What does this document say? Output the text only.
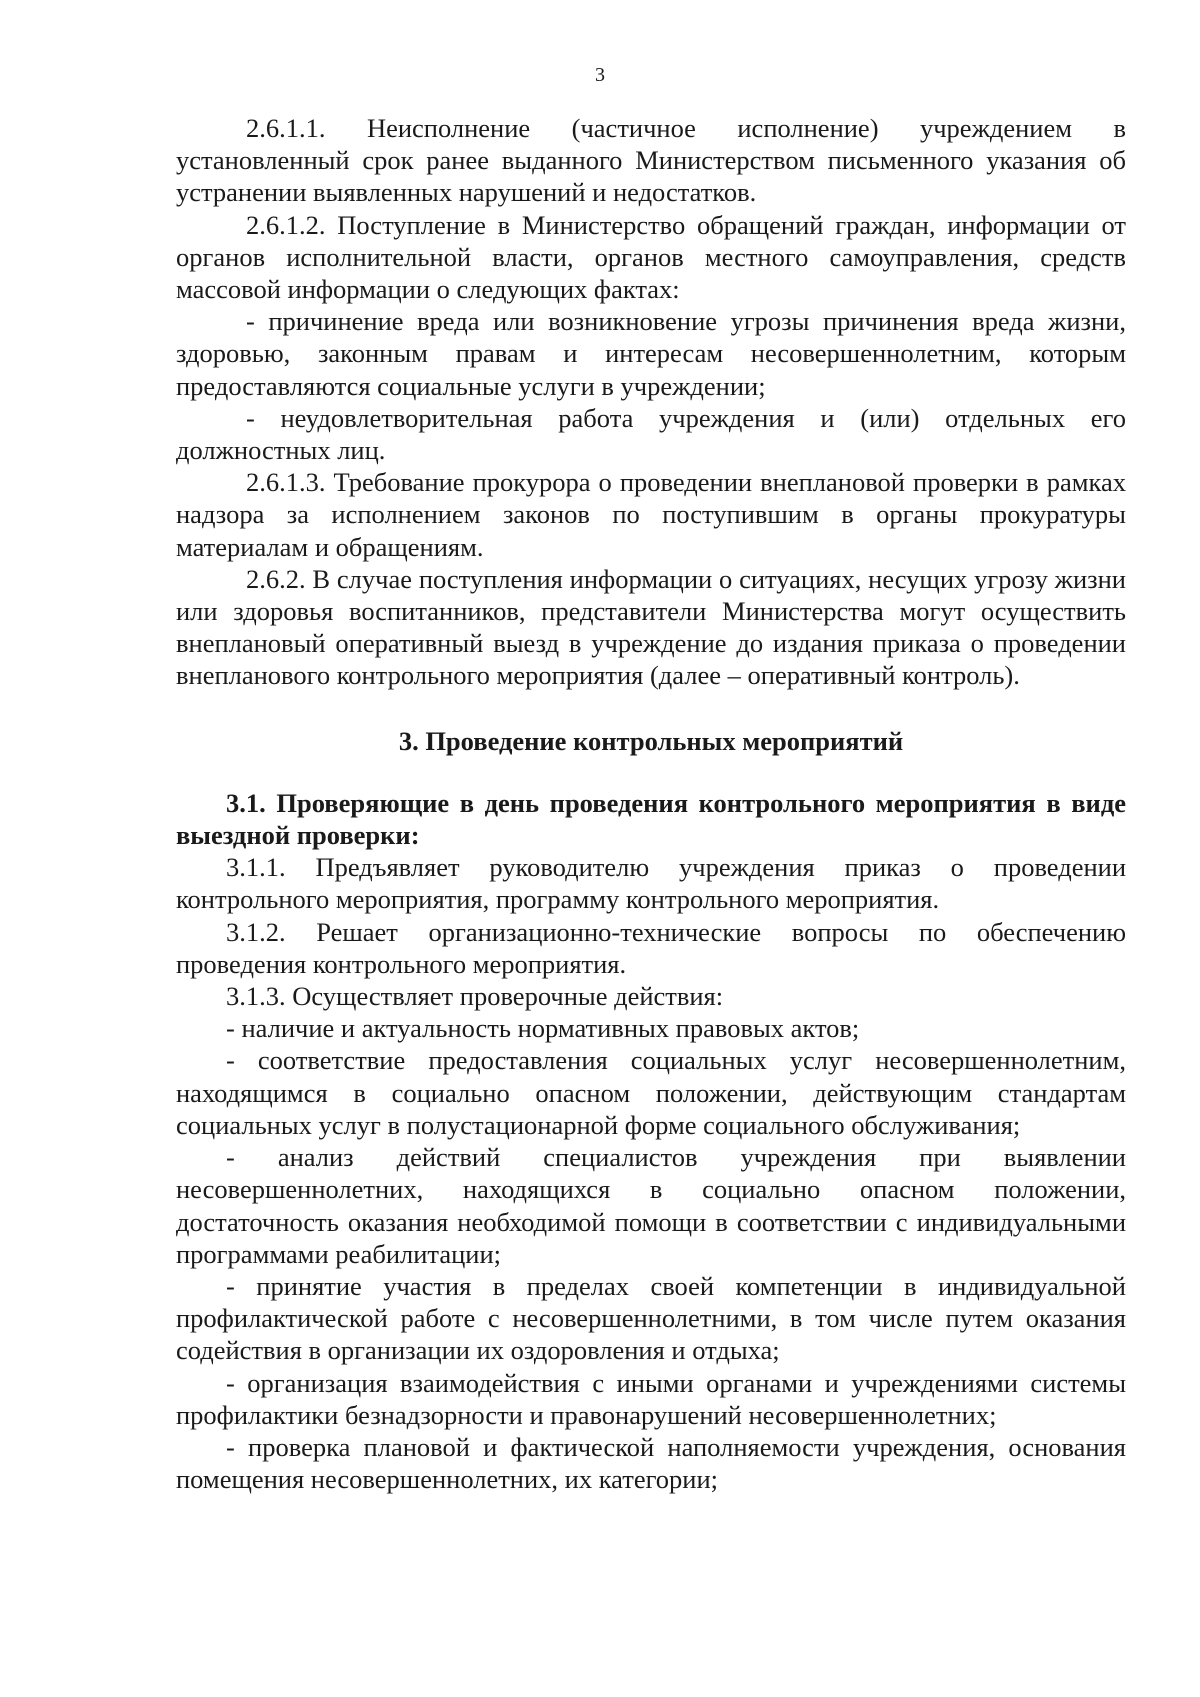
3

2.6.1.1. Неисполнение (частичное исполнение) учреждением в установленный срок ранее выданного Министерством письменного указания об устранении выявленных нарушений и недостатков.

2.6.1.2. Поступление в Министерство обращений граждан, информации от органов исполнительной власти, органов местного самоуправления, средств массовой информации о следующих фактах:

- причинение вреда или возникновение угрозы причинения вреда жизни, здоровью, законным правам и интересам несовершеннолетним, которым предоставляются социальные услуги в учреждении;

- неудовлетворительная работа учреждения и (или) отдельных его должностных лиц.

2.6.1.3. Требование прокурора о проведении внеплановой проверки в рамках надзора за исполнением законов по поступившим в органы прокуратуры материалам и обращениям.

2.6.2. В случае поступления информации о ситуациях, несущих угрозу жизни или здоровья воспитанников, представители Министерства могут осуществить внеплановый оперативный выезд в учреждение до издания приказа о проведении внепланового контрольного мероприятия (далее – оперативный контроль).

3. Проведение контрольных мероприятий

3.1. Проверяющие в день проведения контрольного мероприятия в виде выездной проверки:

3.1.1. Предъявляет руководителю учреждения приказ о проведении контрольного мероприятия, программу контрольного мероприятия.

3.1.2. Решает организационно-технические вопросы по обеспечению проведения контрольного мероприятия.

3.1.3. Осуществляет проверочные действия:

- наличие и актуальность нормативных правовых актов;

- соответствие предоставления социальных услуг несовершеннолетним, находящимся в социально опасном положении, действующим стандартам социальных услуг в полустационарной форме социального обслуживания;

- анализ действий специалистов учреждения при выявлении несовершеннолетних, находящихся в социально опасном положении, достаточность оказания необходимой помощи в соответствии с индивидуальными программами реабилитации;

- принятие участия в пределах своей компетенции в индивидуальной профилактической работе с несовершеннолетними, в том числе путем оказания содействия в организации их оздоровления и отдыха;

- организация взаимодействия с иными органами и учреждениями системы профилактики безнадзорности и правонарушений несовершеннолетних;

- проверка плановой и фактической наполняемости учреждения, основания помещения несовершеннолетних, их категории;
